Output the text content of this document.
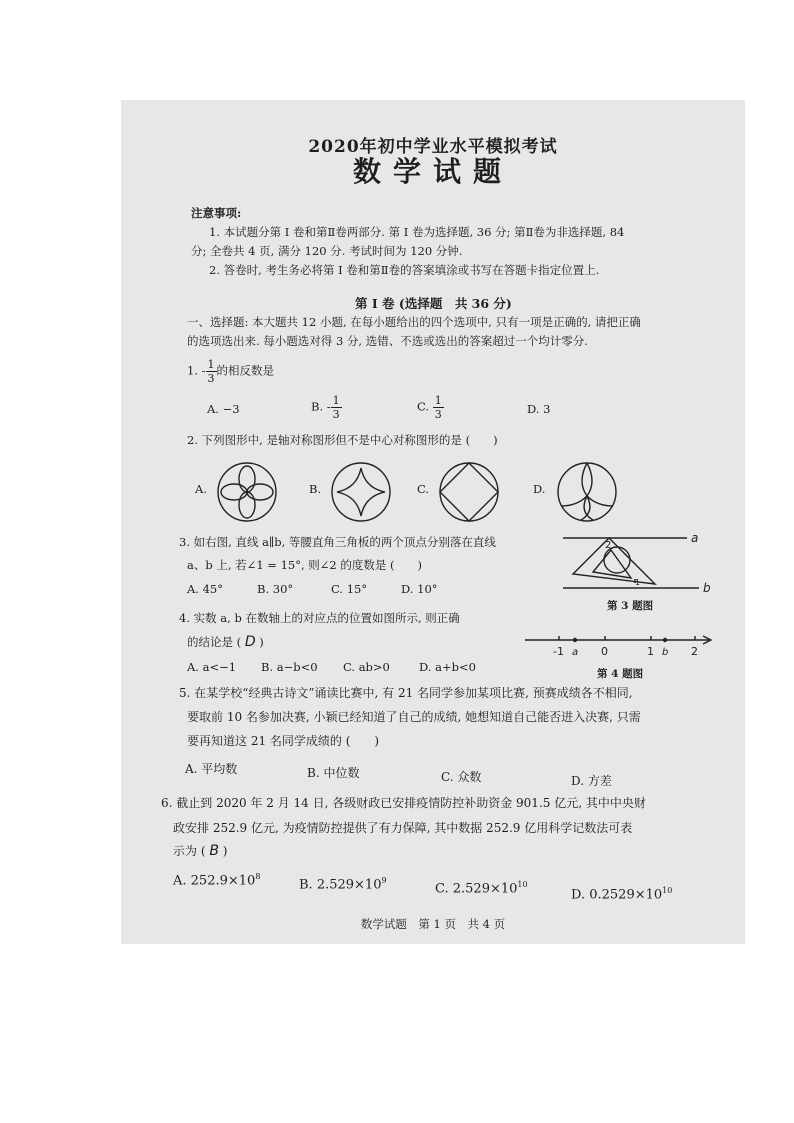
2020年初中学业水平模拟考试
数学试题
注意事项:
1. 本试题分第 I 卷和第Ⅱ卷两部分. 第 I 卷为选择题, 36 分; 第Ⅱ卷为非选择题, 84
分; 全卷共 4 页, 满分 120 分. 考试时间为 120 分钟.
2. 答卷时, 考生务必将第 I 卷和第Ⅱ卷的答案填涂或书写在答题卡指定位置上.
第 I 卷 (选择题　共 36 分)
一、选择题: 本大题共 12 小题, 在每小题给出的四个选项中, 只有一项是正确的, 请把正确
的选项选出来. 每小题选对得 3 分, 选错、不选或选出的答案超过一个均计零分.
1. - $\frac{1}{3}$ 的相反数是
A. −3	B. - $\frac{1}{3}$	C. $\frac{1}{3}$	D. 3
2. 下列图形中, 是轴对称图形但不是中心对称图形的是 (　　)
A.	B.	C.	D.
3. 如右图, 直线 a∥b, 等腰直角三角板的两个顶点分别落在直线
a、b 上, 若∠1 = 15°, 则∠2 的度数是 (　　)
A. 45°	B. 30°	C. 15°	D. 10°
2
1
a
b
第 3 题图
4. 实数 a, b 在数轴上的对应点的位置如图所示, 则正确
的结论是 ( D )
A. a<−1 B. a−b<0 C. ab>0	D. a+b<0
-1 a 0	1 b 2
第 4 题图
5. 在某学校“经典古诗文”诵读比赛中, 有 21 名同学参加某项比赛, 预赛成绩各不相同,
要取前 10 名参加决赛, 小颖已经知道了自己的成绩, 她想知道自己能否进入决赛, 只需
要再知道这 21 名同学成绩的 (　　)
A. 平均数	B. 中位数	C. 众数	D. 方差
6. 截止到 2020 年 2 月 14 日, 各级财政已安排疫情防控补助资金 901.5 亿元, 其中中央财
政安排 252.9 亿元, 为疫情防控提供了有力保障, 其中数据 252.9 亿用科学记数法可表
示为 ( B )
A. $252.9\times 10^8$
B. $2.529\times 10^9$
C. $2.529\times 10^{10}$
D. $0.2529\times 10^{10}$
数学试题　第 1 页　共 4 页
